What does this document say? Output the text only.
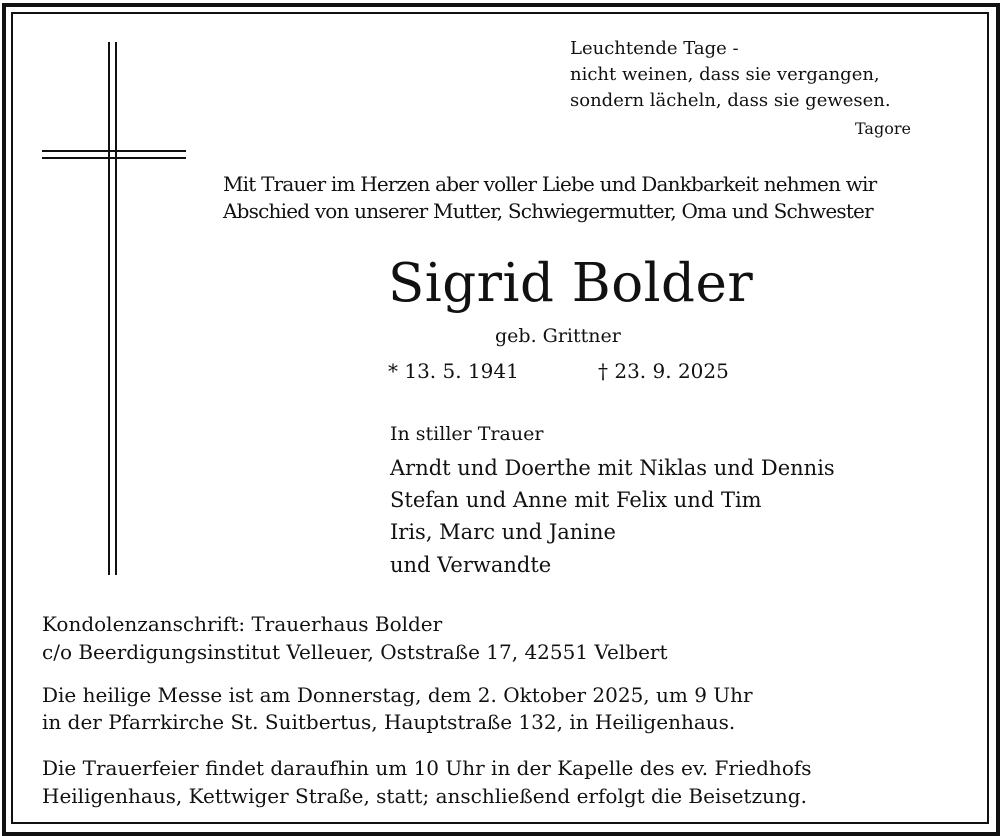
Leuchtende Tage -
nicht weinen, dass sie vergangen,
sondern lächeln, dass sie gewesen.
Tagore
Mit Trauer im Herzen aber voller Liebe und Dankbarkeit nehmen wir
Abschied von unserer Mutter, Schwiegermutter, Oma und Schwester
Sigrid Bolder
geb. Grittner
* 13. 5. 1941	† 23. 9. 2025
In stiller Trauer
Arndt und Doerthe mit Niklas und Dennis
Stefan und Anne mit Felix und Tim
Iris, Marc und Janine
und Verwandte
Kondolenzanschrift: Trauerhaus Bolder
c/o Beerdigungsinstitut Velleuer, Oststraße 17, 42551 Velbert
Die heilige Messe ist am Donnerstag, dem 2. Oktober 2025, um 9 Uhr
in der Pfarrkirche St. Suitbertus, Hauptstraße 132, in Heiligenhaus.
Die Trauerfeier findet daraufhin um 10 Uhr in der Kapelle des ev. Friedhofs
Heiligenhaus, Kettwiger Straße, statt; anschließend erfolgt die Beisetzung.
